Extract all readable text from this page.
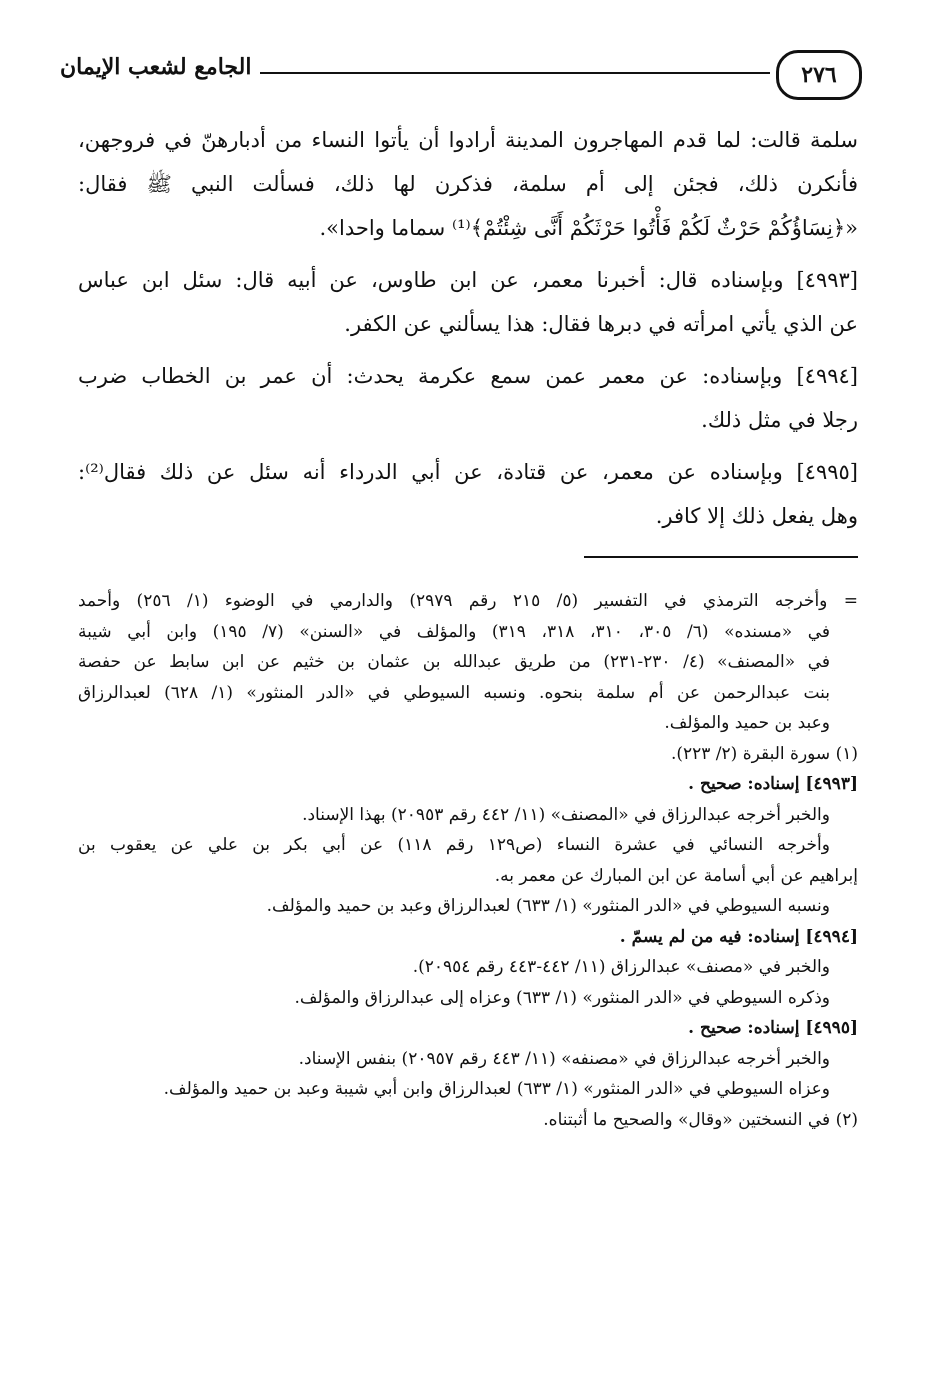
٢٧٦
الجامع لشعب الإيمان
سلمة قالت: لما قدم المهاجرون المدينة أرادوا أن يأتوا النساء من أدبارهنّ في فروجهن،
فأنكرن ذلك، فجئن إلى أم سلمة، فذكرن لها ذلك، فسألت النبي ﷺ فقال:
«﴿نِسَاؤُكُمْ حَرْثٌ لَكُمْ فَأْتُوا حَرْثَكُمْ أَنَّى شِئْتُمْ﴾⁽¹⁾ سماما واحدا».
[٤٩٩٣] وبإسناده قال: أخبرنا معمر، عن ابن طاوس، عن أبيه قال: سئل ابن عباس
عن الذي يأتي امرأته في دبرها فقال: هذا يسألني عن الكفر.
[٤٩٩٤] وبإسناده: عن معمر عمن سمع عكرمة يحدث: أن عمر بن الخطاب ضرب
رجلا في مثل ذلك.
[٤٩٩٥] وبإسناده عن معمر، عن قتادة، عن أبي الدرداء أنه سئل عن ذلك فقال⁽²⁾:
وهل يفعل ذلك إلا كافر.
= وأخرجه الترمذي في التفسير (٥/ ٢١٥ رقم ٢٩٧٩) والدارمي في الوضوء (١/ ٢٥٦) وأحمد
في «مسنده» (٦/ ٣٠٥، ٣١٠، ٣١٨، ٣١٩) والمؤلف في «السنن» (٧/ ١٩٥) وابن أبي شيبة
في «المصنف» (٤/ ٢٣٠-٢٣١) من طريق عبدالله بن عثمان بن خثيم عن ابن سابط عن حفصة
بنت عبدالرحمن عن أم سلمة بنحوه. ونسبه السيوطي في «الدر المنثور» (١/ ٦٢٨) لعبدالرزاق
وعبد بن حميد والمؤلف.
(١) سورة البقرة (٢/ ٢٢٣).
[٤٩٩٣] إسناده: صحيح .
والخبر أخرجه عبدالرزاق في «المصنف» (١١/ ٤٤٢ رقم ٢٠٩٥٣) بهذا الإسناد.
وأخرجه النسائي في عشرة النساء (ص١٢٩ رقم ١١٨) عن أبي بكر بن علي عن يعقوب بن
إبراهيم عن أبي أسامة عن ابن المبارك عن معمر به.
ونسبه السيوطي في «الدر المنثور» (١/ ٦٣٣) لعبدالرزاق وعبد بن حميد والمؤلف.
[٤٩٩٤] إسناده: فيه من لم يسمّ .
والخبر في «مصنف» عبدالرزاق (١١/ ٤٤٢-٤٤٣ رقم ٢٠٩٥٤).
وذكره السيوطي في «الدر المنثور» (١/ ٦٣٣) وعزاه إلى عبدالرزاق والمؤلف.
[٤٩٩٥] إسناده: صحيح .
والخبر أخرجه عبدالرزاق في «مصنفه» (١١/ ٤٤٣ رقم ٢٠٩٥٧) بنفس الإسناد.
وعزاه السيوطي في «الدر المنثور» (١/ ٦٣٣) لعبدالرزاق وابن أبي شيبة وعبد بن حميد والمؤلف.
(٢) في النسختين «وقال» والصحيح ما أثبتناه.
